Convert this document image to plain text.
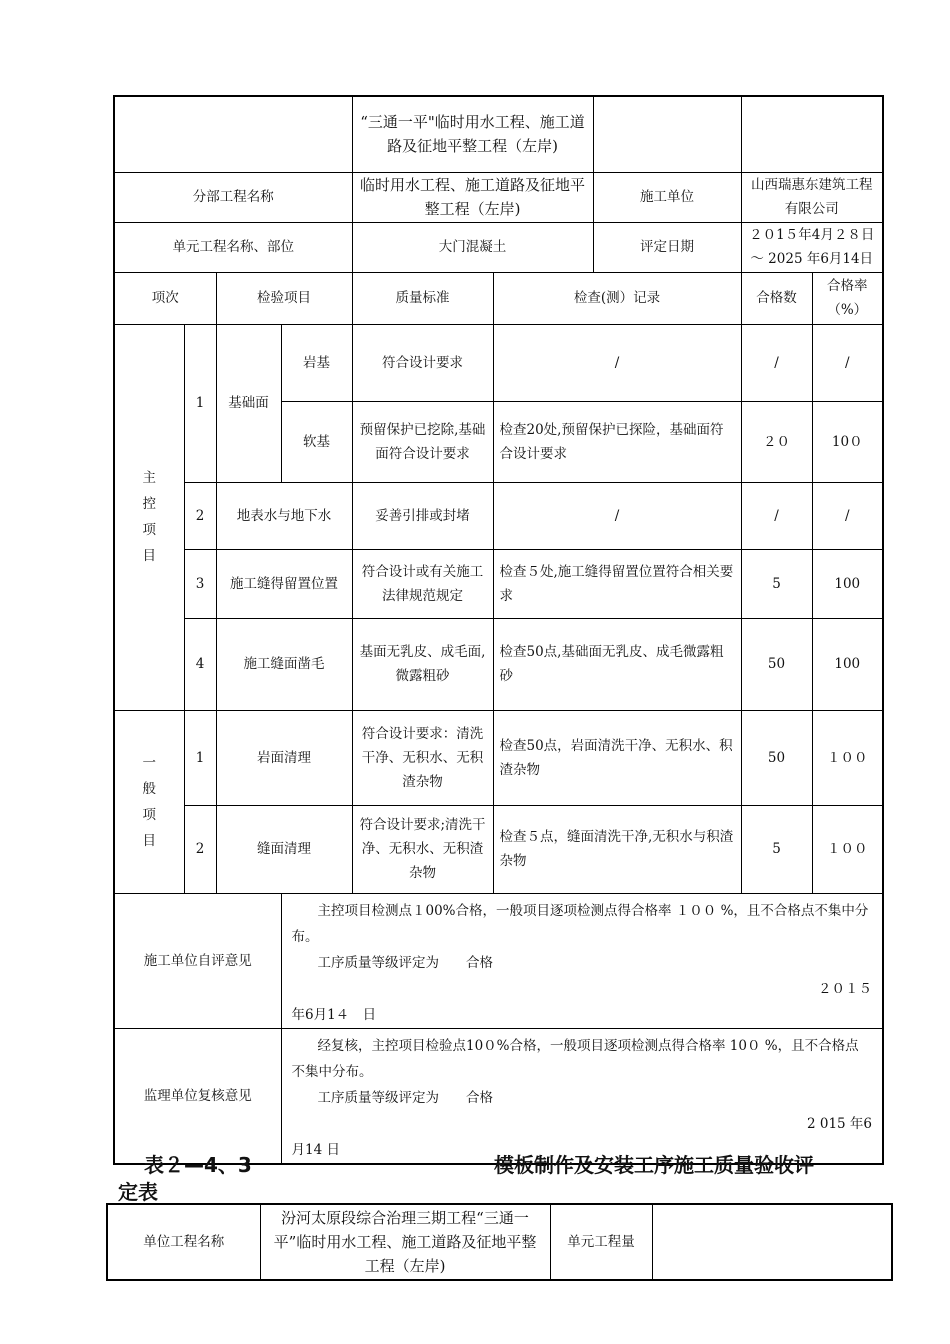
				“三通一平"临时用水工程、施工道路及征地平整工程（左岸)				
分部工程名称				临时用水工程、施工道路及征地平整工程（左岸)		施工单位	山西瑞惠东建筑工程有限公司	
单元工程名称、部位				大门混凝土		评定日期	２０1５年4月２８日～ 2025 年6月14日	
项次		检验项目		质量标准	检查(测）记录		合格数	合格率（%）
主控项目	1	基础面	岩基	符合设计要求	/		/	/
			软基	预留保护已挖除,基础面符合设计要求	检查20处,预留保护已探险，基础面符合设计要求		２０	10０
	2	地表水与地下水		妥善引排或封堵	/		/	/
	3	施工缝得留置位置		符合设计或有关施工法律规范规定	检查５处,施工缝得留置位置符合相关要求		5	100
	4	施工缝面凿毛		基面无乳皮、成毛面,微露粗砂	检查50点,基础面无乳皮、成毛微露粗砂		50	100

一般项目	1	岩面清理		符合设计要求：清洗干净、无积水、无积渣杂物	检查50点，岩面清洗干净、无积水、积渣杂物		50	１００
	2	缝面清理		符合设计要求;清洗干净、无积水、无积渣杂物	检查５点，缝面清洗干净,无积水与积渣杂物		5	１００
施工单位自评意见			主控项目检测点１00%合格，一般项目逐项检测点得合格率 １００ %，且不合格点不集中分布。
工序质量等级评定为　　合格
２０１５
年6月1４　日					

监理单位复核意见			经复核，主控项目检验点10０%合格，一般项目逐项检测点得合格率 10０ %，且不合格点不集中分布。
工序质量等级评定为　　合格
2 015 年6
月14 日					
表２—4、3	模板制作及安装工序施工质量验收评
定表
单位工程名称	汾河太原段综合治理三期工程“三通一平”临时用水工程、施工道路及征地平整工程（左岸)	单元工程量	
